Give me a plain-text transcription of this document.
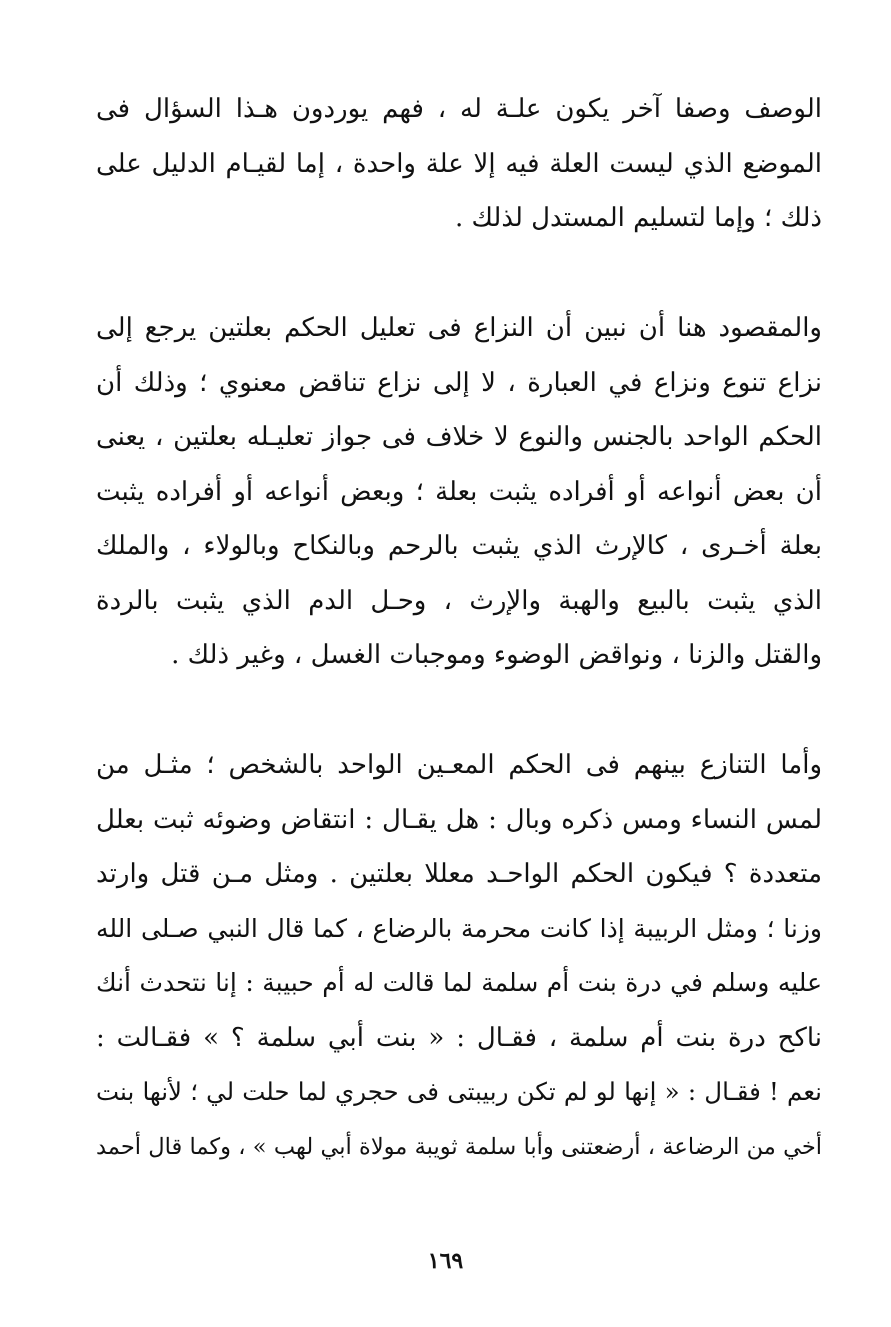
الوصف وصفا آخر يكون علـة له ، فهم يوردون هـذا السؤال فى
الموضع الذي ليست العلة فيه إلا علة واحدة ، إما لقيـام الدليل على
ذلك ؛ وإما لتسليم المستدل لذلك .
والمقصود هنا أن نبين أن النزاع فى تعليل الحكم بعلتين يرجع إلى
نزاع تنوع ونزاع في العبارة ، لا إلى نزاع تناقض معنوي ؛ وذلك أن
الحكم الواحد بالجنس والنوع لا خلاف فى جواز تعليـله بعلتين ، يعنى
أن بعض أنواعه أو أفراده يثبت بعلة ؛ وبعض أنواعه أو أفراده يثبت
بعلة أخـرى ، كالإرث الذي يثبت بالرحم وبالنكاح وبالولاء ، والملك
الذي يثبت بالبيع والهبة والإرث ، وحـل الدم الذي يثبت بالردة
والقتل والزنا ، ونواقض الوضوء وموجبات الغسل ، وغير ذلك .
وأما التنازع بينهم فى الحكم المعـين الواحد بالشخص ؛ مثـل من
لمس النساء ومس ذكره وبال : هل يقـال : انتقاض وضوئه ثبت بعلل
متعددة ؟ فيكون الحكم الواحـد معللا بعلتين . ومثل مـن قتل وارتد
وزنا ؛ ومثل الربيبة إذا كانت محرمة بالرضاع ، كما قال النبي صـلى الله
عليه وسلم في درة بنت أم سلمة لما قالت له أم حبيبة : إنا نتحدث أنك
ناكح درة بنت أم سلمة ، فقـال : « بنت أبي سلمة ؟ » فقـالت :
نعم ! فقـال : « إنها لو لم تكن ربيبتى فى حجري لما حلت لي ؛ لأنها بنت
أخي من الرضاعة ، أرضعتنى وأبا سلمة ثويبة مولاة أبي لهب » ، وكما قال أحمد
١٦٩
